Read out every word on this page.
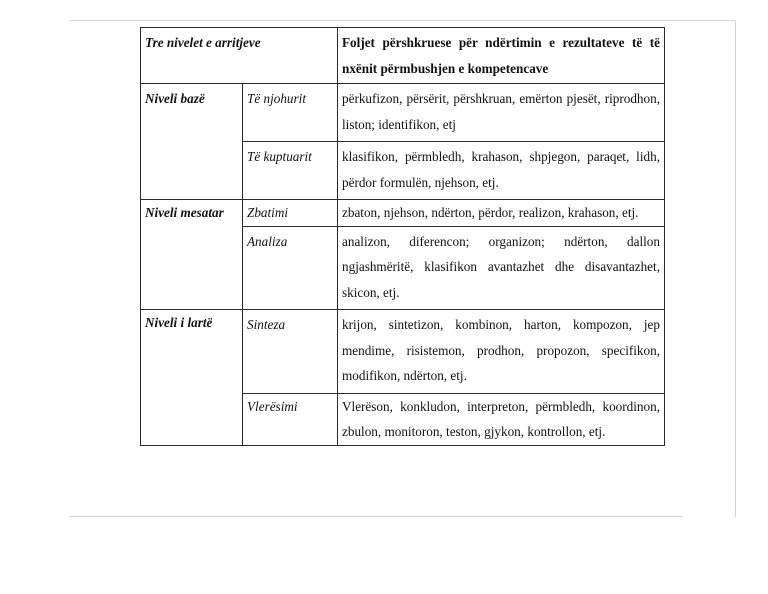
Tre nivelet e arritjeve		Foljet përshkruese për ndërtimin e rezultateve të të nxënit përmbushjen e kompetencave
Niveli bazë	Të njohurit	përkufizon, përsërit, përshkruan, emërton pjesët, riprodhon, liston; identifikon, etj
	Të kuptuarit	klasifikon, përmbledh, krahason, shpjegon, paraqet, lidh, përdor formulën, njehson, etj.
Niveli mesatar	Zbatimi	zbaton, njehson, ndërton, përdor, realizon, krahason, etj.
	Analiza	analizon, diferencon; organizon; ndërton, dallon ngjashmëritë, klasifikon avantazhet dhe disavantazhet, skicon, etj.
Niveli i lartë	Sinteza	krijon, sintetizon, kombinon, harton, kompozon, jep mendime, risistemon, prodhon, propozon, specifikon, modifikon, ndërton, etj.
	Vlerësimi	Vlerëson, konkludon, interpreton, përmbledh, koordinon, zbulon, monitoron, teston, gjykon, kontrollon, etj.
